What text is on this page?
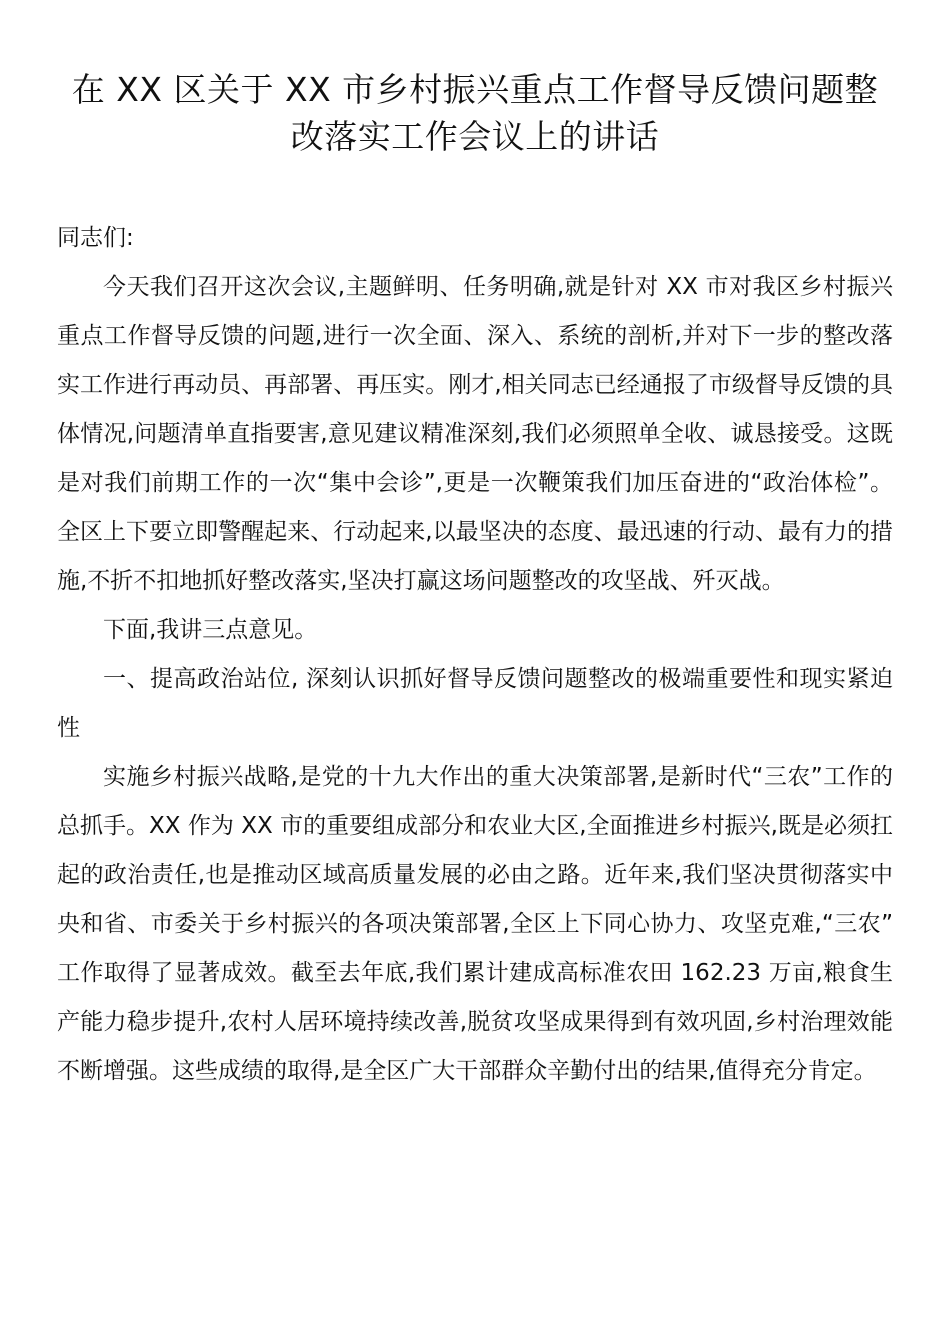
在 XX 区关于 XX 市乡村振兴重点工作督导反馈问题整
改落实工作会议上的讲话

同志们:

今天我们召开这次会议,主题鲜明、任务明确,就是针对 XX 市对我区乡村振兴重点工作督导反馈的问题,进行一次全面、深入、系统的剖析,并对下一步的整改落实工作进行再动员、再部署、再压实。刚才,相关同志已经通报了市级督导反馈的具体情况,问题清单直指要害,意见建议精准深刻,我们必须照单全收、诚恳接受。这既是对我们前期工作的一次“集中会诊”,更是一次鞭策我们加压奋进的“政治体检”。全区上下要立即警醒起来、行动起来,以最坚决的态度、最迅速的行动、最有力的措施,不折不扣地抓好整改落实,坚决打赢这场问题整改的攻坚战、歼灭战。

下面,我讲三点意见。

一、提高政治站位, 深刻认识抓好督导反馈问题整改的极端重要性和现实紧迫性

实施乡村振兴战略,是党的十九大作出的重大决策部署,是新时代“三农”工作的总抓手。XX 作为 XX 市的重要组成部分和农业大区,全面推进乡村振兴,既是必须扛起的政治责任,也是推动区域高质量发展的必由之路。近年来,我们坚决贯彻落实中央和省、市委关于乡村振兴的各项决策部署,全区上下同心协力、攻坚克难,“三农” 工作取得了显著成效。截至去年底,我们累计建成高标准农田 162.23 万亩,粮食生产能力稳步提升,农村人居环境持续改善,脱贫攻坚成果得到有效巩固,乡村治理效能不断增强。这些成绩的取得,是全区广大干部群众辛勤付出的结果,值得充分肯定。
